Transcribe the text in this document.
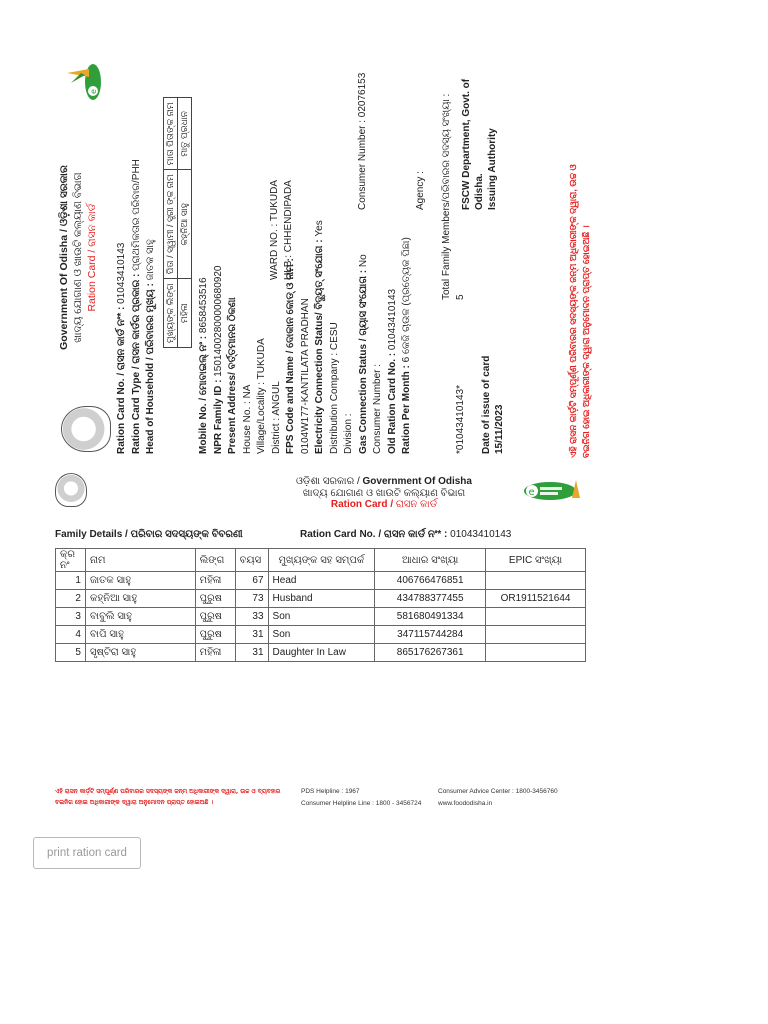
e
Government Of Odisha / ଓଡ଼ିଶା ସରକାର ଖାଦ୍ୟ ଯୋଗାଣ ଓ ଖାଉଟି କଲ୍ୟାଣ ବିଭାଗ Ration Card / ରାସନ କାର୍ଡ
Ration Card No. / ରାସନ କାର୍ଡ ନଂ* : 01043410143
Ration Card Type / ରାସନ କାର୍ଡର ପ୍ରକାର : ପ୍ରାଥମିକତାର ପରିବାର/PHH
Head of Household / ପରିବାରର ମୁଖ୍ୟ : ଜାତକ ସାହୁ
ମୁଖ୍ୟଙ୍କ ଲିଙ୍ଗ	ପିତା / ସ୍ୱାମୀ / ସ୍ତ୍ରୀ ଙ୍କ ନାମ	ମାତା ପିତାଙ୍କ ନାମ
ମହିଳା	କହ୍ନିଆ ସାହୁ	ମାତୁ ପ୍ରଧାନ
Mobile No. / ମୋବାଇଲ୍ ନଂ : 8658453516
NPR Family ID : 15014002800000680920 Present Address/ ବର୍ତ୍ତମାନର ଠିକଣା House No. : NA Village/Locality : TUKUDA District : ANGUL FPS Code and Name / ଦୋକାନ କୋଡ୍ ଓ ନାମ : 0104W177-KANTILATA PRADHAN Electricity Connection Status/ ବିଦ୍ୟୁତ୍ ସଂଯୋଗ : Yes
Distribution Company : CESU Division : Gas Connection Status / ଗ୍ୟାସ ସଂଯୋଗ : No
Consumer Number : Old Ration Card No. : 01043410143
Ration Per Month : 6 କେଜି ଚାଉଳ (ପ୍ରତ୍ୟେକ ପିଛା)
WARD NO. : TUKUDA ULB : CHHENDIPADA
Consumer Number : 02076153	Agency : Total Family Members/ପରିବାରର ସଦସ୍ୟ ସଂଖ୍ୟା : 5
*01043410143* Date of issue of card 15/11/2023
FSCW Department, Govt. of Odisha. Issuing Authority	ଏହି ରାସନ କାର୍ଡ଼ଟି ସମ୍ପୂର୍ଣ୍ଣ ପରିବାରର ସଦସ୍ୟଙ୍କ ଜନ୍ମ ଅଧିକାରୀଙ୍କ ଦ୍ୱାରା, ଉଚ୍ଚ ଓ ବଇନିଗ ହୋଇ ଅଧିକାରୀଙ୍କ ଦ୍ୱାରା ଅନୁମୋଦନ ପ୍ରାପ୍ତ ହୋଇଅଛି ।
e
ଓଡ଼ିଶା ସରକାର / Government Of Odisha
ଖାଦ୍ୟ ଯୋଗାଣ ଓ ଖାଉଟି କଲ୍ୟାଣ ବିଭାଗ
Ration Card / ରାସନ କାର୍ଡ
Family Details / ପରିବାର ସଦସ୍ୟଙ୍କ ବିବରଣୀ	Ration Card No. / ରାସନ କାର୍ଡ ନଂ* : 01043410143
କ୍ର ନଂ	ନାମ	ଲିଙ୍ଗ	ବୟସ	ମୁଖ୍ୟଙ୍କ ସହ ସମ୍ପର୍କ	ଆଧାର ସଂଖ୍ୟା	EPIC ସଂଖ୍ୟା
1	ଜାତକ ସାହୁ	ମହିଳା	67	Head	406766476851	
2	କହ୍ନିଆ ସାହୁ	ପୁରୁଷ	73	Husband	434788377455	OR1911521644
3	ବାବୁଲି ସାହୁ	ପୁରୁଷ	33	Son	581680491334	
4	ବାପି ସାହୁ	ପୁରୁଷ	31	Son	347115744284	
5	ସୃଷ୍ଟିରା ସାହୁ	ମହିଳା	31	Daughter In Law	865176267361	
ଏହି ରାସନ କାର୍ଡ଼ଟି ସମ୍ପୂର୍ଣ୍ଣ ପରିବାରର ସଦସ୍ୟଙ୍କ ଜନ୍ମ ଅଧିକାରୀଙ୍କ ଦ୍ୱାରା, ଉଚ୍ଚ ଓ ବ୍ୟବହାର
ବଇନିଗ ହୋଇ ଅଧିକାରୀଙ୍କ ଦ୍ୱାରା ଅନୁମୋଦନ ପ୍ରାପ୍ତ ହୋଇଅଛି ।
PDS Helpline : 1967
Consumer Helpline Line : 1800 - 3456724
Consumer Advice Center : 1800-3456760
www.foododisha.in
print ration card
